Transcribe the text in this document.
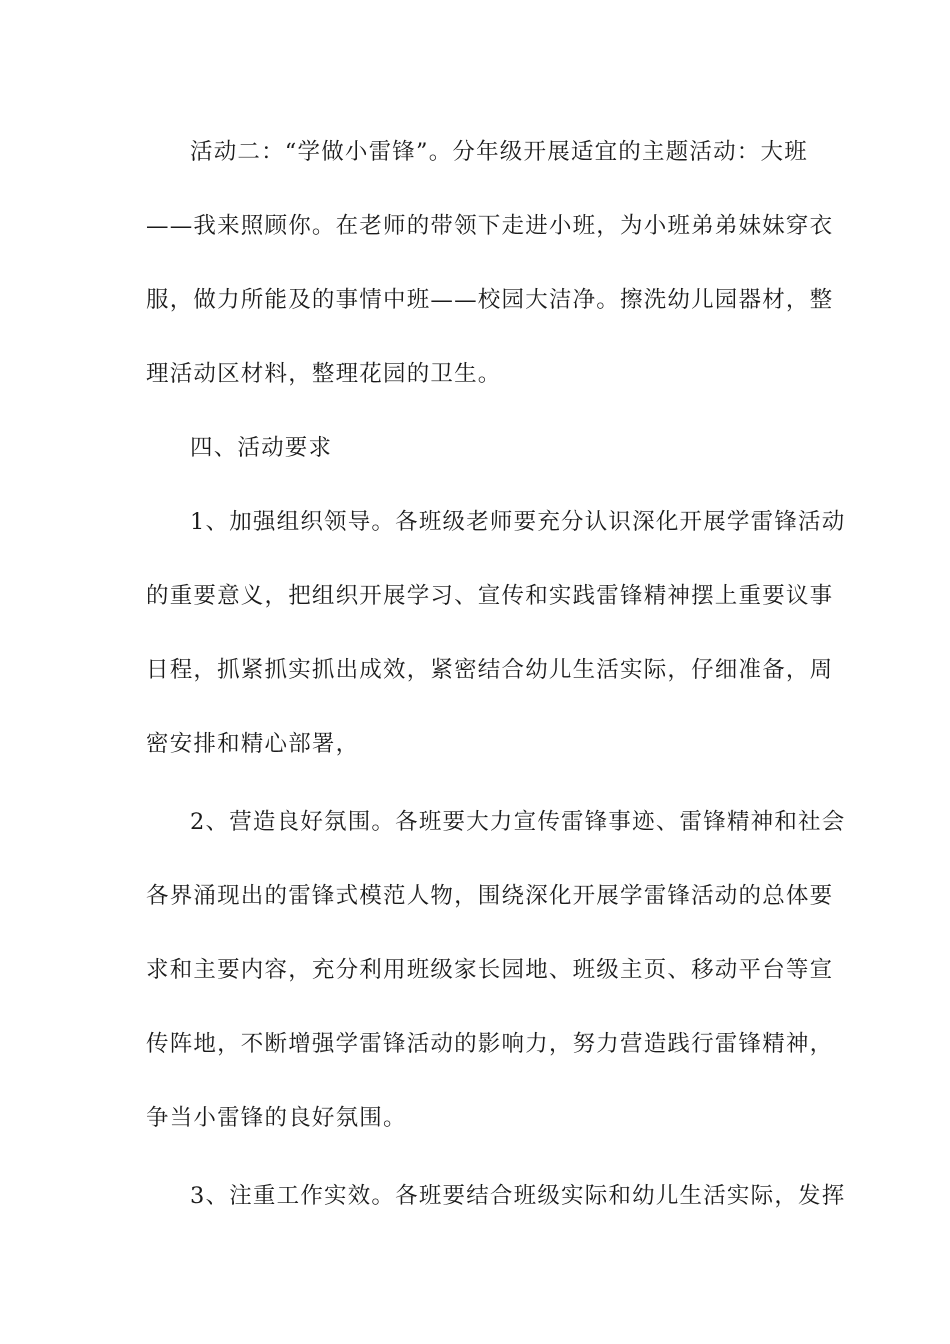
活动二：“学做小雷锋”。分年级开展适宜的主题活动：大班
——我来照顾你。在老师的带领下走进小班，为小班弟弟妹妹穿衣
服，做力所能及的事情中班——校园大洁净。擦洗幼儿园器材，整
理活动区材料，整理花园的卫生。
四、活动要求
1、加强组织领导。各班级老师要充分认识深化开展学雷锋活动
的重要意义，把组织开展学习、宣传和实践雷锋精神摆上重要议事
日程，抓紧抓实抓出成效，紧密结合幼儿生活实际，仔细准备，周
密安排和精心部署，
2、营造良好氛围。各班要大力宣传雷锋事迹、雷锋精神和社会
各界涌现出的雷锋式模范人物，围绕深化开展学雷锋活动的总体要
求和主要内容，充分利用班级家长园地、班级主页、移动平台等宣
传阵地，不断增强学雷锋活动的影响力，努力营造践行雷锋精神，
争当小雷锋的良好氛围。
3、注重工作实效。各班要结合班级实际和幼儿生活实际，发挥
